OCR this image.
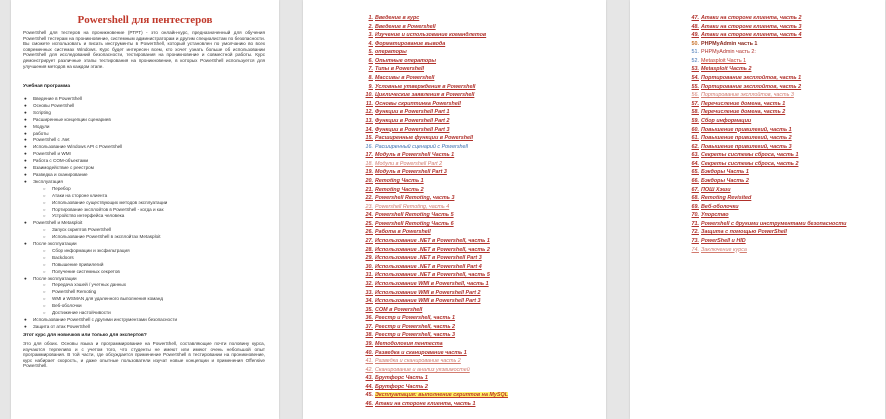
Powershell для пентестеров
PowerShell для тестеров на проникновение (PTPT) - это онлайн-курс, предназначенный для обучения PowerShell тестерам на проникновение, системным администраторам и другим специалистам по безопасности. Вы сможете использовать и писать инструменты в PowerShell, который установлен по умолчанию во всех современных системах Windows. Курс будет интересен всем, кто хочет узнать больше об использовании PowerShell для исследований безопасности, тестирования на проникновение и совместной работы. Курс демонстрирует различные этапы тестирования на проникновение, в которых PowerShell используется для улучшения методов на каждом этапе.
Учебная программа
● Введение в PowerShell
● Основы PowerShell
● Scripting
● Расширенные концепции сценариев
● Модули
● работы
● PowerShell с .Net
● Использование Windows API с PowerShell
● PowerShell и WMI
● Работа с COM-объектами
● Взаимодействие с реестром
● Разведка и сканирование
● Эксплуатация
○ Перебор
○ Атаки на стороне клиента
○ Использование существующих методов эксплуатации
○ Портирование эксплойтов в PowerShell - когда и как
○ Устройство интерфейса человека
● PowerShell и Metasploit
○ Запуск скриптов PowerShell
○ Использование PowerShell в эксплойтах Metasploit
● После эксплуатации
○ Сбор информации и эксфильтрация
○ Backdoors
○ Повышение привилегий
○ Получение системных секретов
● После эксплуатации
○ Передача хэшей / учетных данных
○ PowerShell Remoting
○ WMI и WSMAN для удаленного выполнения команд
○ Веб-оболочки
○ Достижение настойчивости
● Использование PowerShell с другими инструментами безопасности
● Защита от атак PowerShell
Этот курс для новичков или только для экспертов?
Это для обоих. Основы языка и программирование на PowerShell, составляющие почти половину курса, изучаются терпеливо и с учетом того, что студенты не имеют или имеют очень небольшой опыт программирования. В той части, где обсуждается применение PowerShell в тестировании на проникновение, курс набирает скорость, и даже опытные пользователи изучат новые концепции и применения Offensive PowerShell.
1. Введение в курс
2. Введение в Powershell
3. Изучение и использование командлетов
4. Форматирование вывода
5. операторы
6. Опытные операторы
7. Типы в Powershell
8. Массивы в Powershell
9. Условные утверждения в Powershell
10. Циклические заявления в Powershell
11. Основы скриптинга Powershell
12. Функции в Powershell Part 1
13. Функции в Powershell Part 2
14. Функции в Powershell Part 3
15. Расширенные функции в Powershell
16. Расширенный сценарий с Powershell
17. Модуль в Powershell Часть 1
18. Модули в Powershell Part 2
19. Модуль в Powershell Part 3
20. Remoting Часть 1
21. Remoting Часть 2
22. Powershell Remoting, часть 3
23. Powershell Remoting, часть 4
24. Powershell Remoting Часть 5
25. Powershell Remoting Часть 6
26. Работа в Powershell
27. Использование .NET в Powershell, часть 1
28. Использование .NET в Powershell, часть 2
29. Использование .NET в Powershell Part 3
30. Использование .NET в Powershell Part 4
31. Использование .NET в Powershell, часть 5
32. Использование WMI в Powershell, часть 1
33. Использование WMI в Powershell Part 2
34. Использование WMI в Powershell Part 3
35. COM в Powershell
36. Реестр и Powershell, часть 1
37. Реестр и Powershell, часть 2
38. Реестр и Powershell, часть 3
39. Методология пентеста
40. Разведка и сканирование часть 1
41. Разведка и сканирование часть 2
42. Сканирование и анализ уязвимостей
43. Брутфорс Часть 1
44. Брутфорс Часть 2
45. Эксплуатация: выполнение скриптов на MySQL
46. Атаки на стороне клиента, часть 1
47. Атаки на стороне клиента, часть 2
48. Атаки на стороне клиента, часть 3
49. Атаки на стороне клиента, часть 4
50. PHPMyAdmin часть 1
51. PHPMyAdmin часть 2:
52. Metasploit Часть 1
53. Metasploit Часть 2
54. Портирование эксплойтов, часть 1
55. Портирование эксплойтов, часть 2
56. Портирование эксплойтов, часть 3
57. Перечисление домена, часть 1
58. Перечисление домена, часть 2
59. Сбор информации
60. Повышение привилегий, часть 1
61. Повышение привилегий, часть 2
62. Повышение привилегий, часть 3
63. Секреты системы сброса, часть 1
64. Секреты системы сброса, часть 2
65. Бэкдоры Часть 1
66. Бэкдоры Часть 2
67. ПОШ Хэши
68. Remoting Revisited
69. Веб-оболочки
70. Упорство
71. Powershell с другими инструментами безопасности
72. Защита с помощью PowerShell
73. PowerShell и HID
74. Заключение курса
